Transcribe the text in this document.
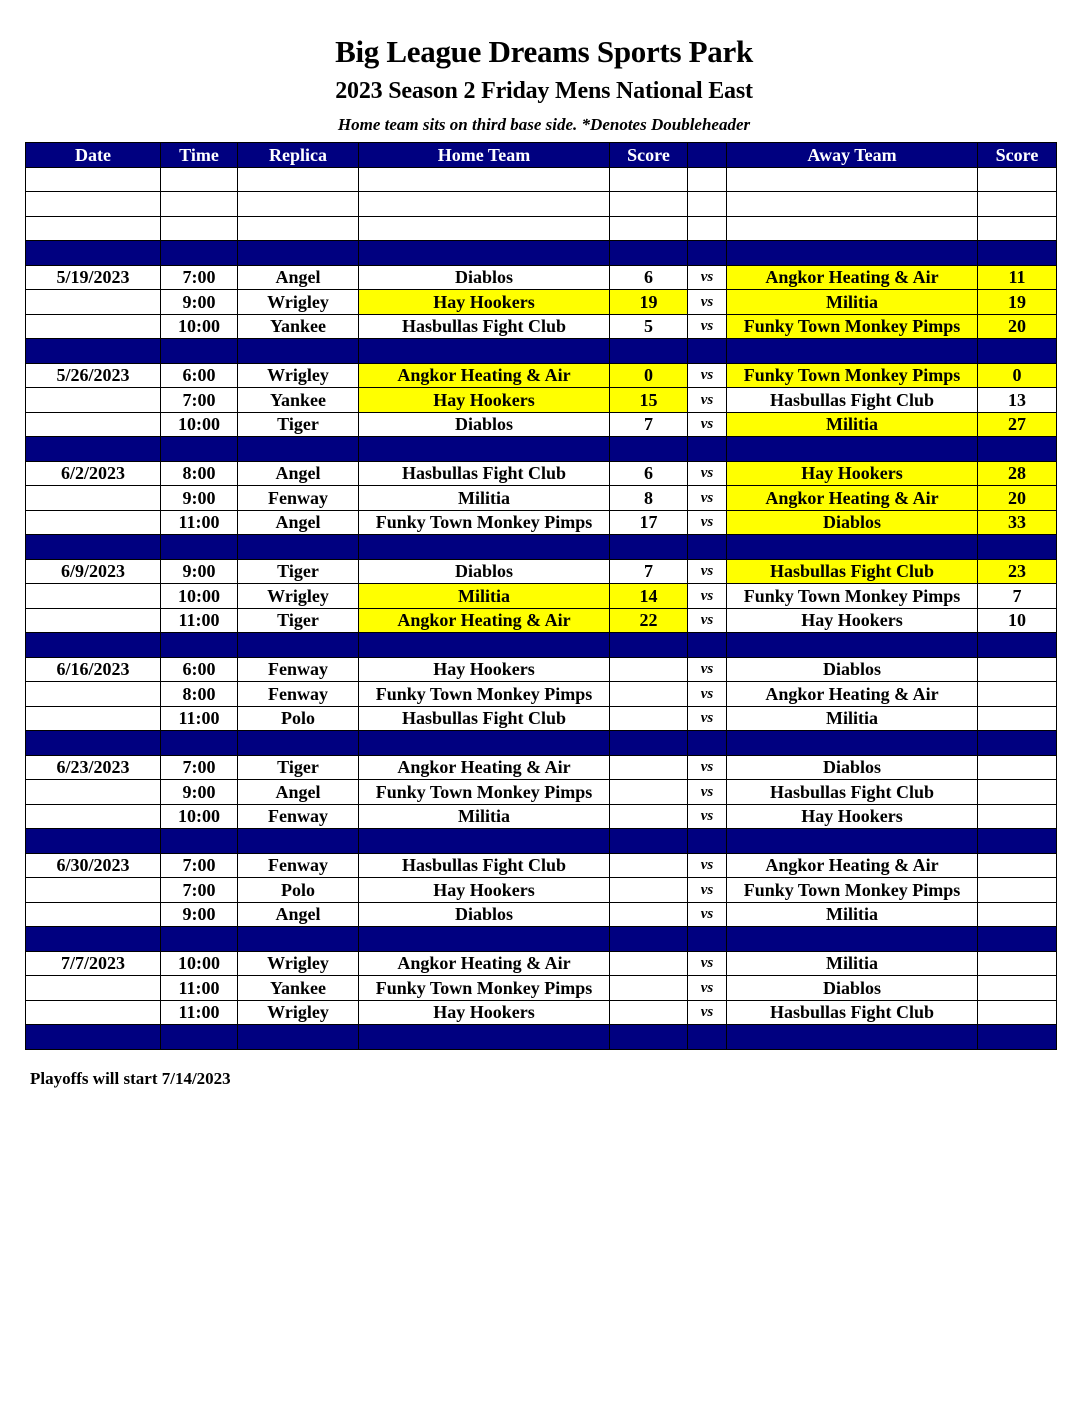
Big League Dreams Sports Park
2023 Season 2 Friday Mens National East
Home team sits on third base side. *Denotes Doubleheader
Date	Time	Replica	Home Team	Score		Away Team	Score

5/19/2023	7:00	Angel	Diablos	6	vs	Angkor Heating & Air	11
	9:00	Wrigley	Hay Hookers	19	vs	Militia	19
	10:00	Yankee	Hasbullas Fight Club	5	vs	Funky Town Monkey Pimps	20

5/26/2023	6:00	Wrigley	Angkor Heating & Air	0	vs	Funky Town Monkey Pimps	0
	7:00	Yankee	Hay Hookers	15	vs	Hasbullas Fight Club	13
	10:00	Tiger	Diablos	7	vs	Militia	27

6/2/2023	8:00	Angel	Hasbullas Fight Club	6	vs	Hay Hookers	28
	9:00	Fenway	Militia	8	vs	Angkor Heating & Air	20
	11:00	Angel	Funky Town Monkey Pimps	17	vs	Diablos	33

6/9/2023	9:00	Tiger	Diablos	7	vs	Hasbullas Fight Club	23
	10:00	Wrigley	Militia	14	vs	Funky Town Monkey Pimps	7
	11:00	Tiger	Angkor Heating & Air	22	vs	Hay Hookers	10

6/16/2023	6:00	Fenway	Hay Hookers		vs	Diablos	
	8:00	Fenway	Funky Town Monkey Pimps		vs	Angkor Heating & Air	
	11:00	Polo	Hasbullas Fight Club		vs	Militia	

6/23/2023	7:00	Tiger	Angkor Heating & Air		vs	Diablos	
	9:00	Angel	Funky Town Monkey Pimps		vs	Hasbullas Fight Club	
	10:00	Fenway	Militia		vs	Hay Hookers	

6/30/2023	7:00	Fenway	Hasbullas Fight Club		vs	Angkor Heating & Air	
	7:00	Polo	Hay Hookers		vs	Funky Town Monkey Pimps	
	9:00	Angel	Diablos		vs	Militia	

7/7/2023	10:00	Wrigley	Angkor Heating & Air		vs	Militia	
	11:00	Yankee	Funky Town Monkey Pimps		vs	Diablos	
	11:00	Wrigley	Hay Hookers		vs	Hasbullas Fight Club	

Playoffs will start 7/14/2023
